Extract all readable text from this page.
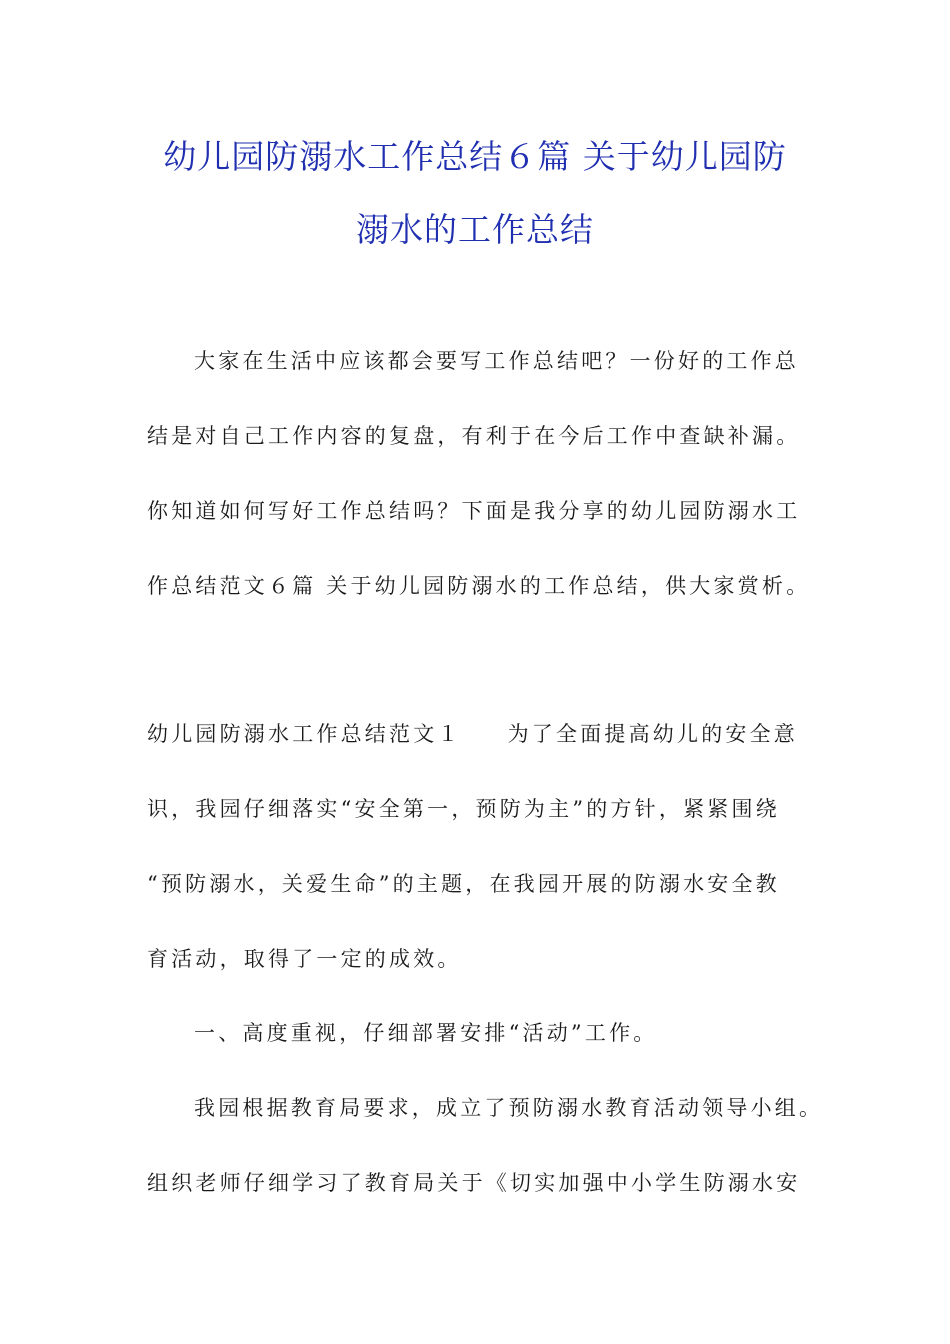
幼儿园防溺水工作总结６篇 关于幼儿园防
溺水的工作总结
大家在生活中应该都会要写工作总结吧？一份好的工作总
结是对自己工作内容的复盘，有利于在今后工作中查缺补漏。
你知道如何写好工作总结吗？下面是我分享的幼儿园防溺水工
作总结范文６篇 关于幼儿园防溺水的工作总结，供大家赏析。
幼儿园防溺水工作总结范文１ 为了全面提高幼儿的安全意
识，我园仔细落实“安全第一，预防为主”的方针，紧紧围绕
“预防溺水，关爱生命”的主题，在我园开展的防溺水安全教
育活动，取得了一定的成效。
一、高度重视，仔细部署安排“活动”工作。
我园根据教育局要求，成立了预防溺水教育活动领导小组。
组织老师仔细学习了教育局关于《切实加强中小学生防溺水安
